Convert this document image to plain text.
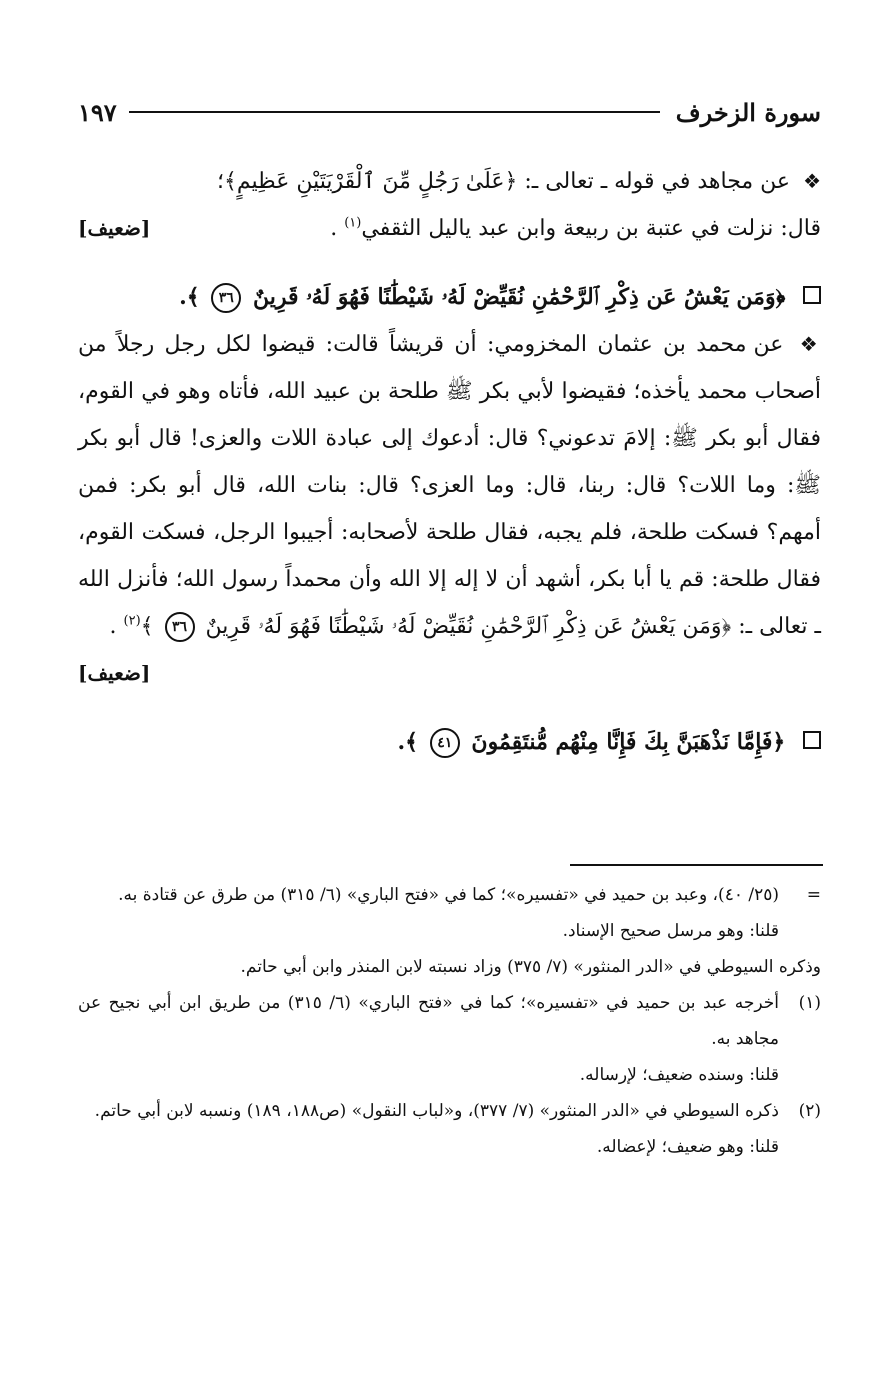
سورة الزخرف
١٩٧

❖ عن مجاهد في قوله ـ تعالى ـ: ﴿عَلَىٰ رَجُلٍ مِّنَ ٱلْقَرْيَتَيْنِ عَظِيمٍ﴾؛
قال: نزلت في عتبة بن ربيعة وابن عبد ياليل الثقفي$^{(١)}$ .
[ضعيف]

﴿وَمَن يَعْشُ عَن ذِكْرِ ٱلرَّحْمَٰنِ نُقَيِّضْ لَهُۥ شَيْطَٰنًا فَهُوَ لَهُۥ قَرِينٌ ٣٦ ﴾.

❖ عن محمد بن عثمان المخزومي: أن قريشاً قالت: قيضوا لكل رجل رجلاً من أصحاب محمد يأخذه؛ فقيضوا لأبي بكر ﷺ طلحة بن عبيد الله، فأتاه وهو في القوم، فقال أبو بكر ﷺ: إلامَ تدعوني؟ قال: أدعوك إلى عبادة اللات والعزى! قال أبو بكر ﷺ: وما اللات؟ قال: ربنا، قال: وما العزى؟ قال: بنات الله، قال أبو بكر: فمن أمهم؟ فسكت طلحة، فلم يجبه، فقال طلحة لأصحابه: أجيبوا الرجل، فسكت القوم، فقال طلحة: قم يا أبا بكر، أشهد أن لا إله إلا الله وأن محمداً رسول الله؛ فأنزل الله ـ تعالى ـ: ﴿وَمَن يَعْشُ عَن ذِكْرِ ٱلرَّحْمَٰنِ نُقَيِّضْ لَهُۥ شَيْطَٰنًا فَهُوَ لَهُۥ قَرِينٌ ٣٦ ﴾$^{(٢)}$ .
[ضعيف]

﴿فَإِمَّا نَذْهَبَنَّ بِكَ فَإِنَّا مِنْهُم مُّنتَقِمُونَ ٤١ ﴾.

=

(٢٥/ ٤٠)، وعبد بن حميد في «تفسيره»؛ كما في «فتح الباري» (٦/ ٣١٥) من طرق عن قتادة به.

قلنا: وهو مرسل صحيح الإسناد.

وذكره السيوطي في «الدر المنثور» (٧/ ٣٧٥) وزاد نسبته لابن المنذر وابن أبي حاتم.

(١)

أخرجه عبد بن حميد في «تفسيره»؛ كما في «فتح الباري» (٦/ ٣١٥) من طريق ابن أبي نجيح عن مجاهد به.

قلنا: وسنده ضعيف؛ لإرساله.

(٢)

ذكره السيوطي في «الدر المنثور» (٧/ ٣٧٧)، و«لباب النقول» (ص١٨٨، ١٨٩) ونسبه لابن أبي حاتم.

قلنا: وهو ضعيف؛ لإعضاله.
